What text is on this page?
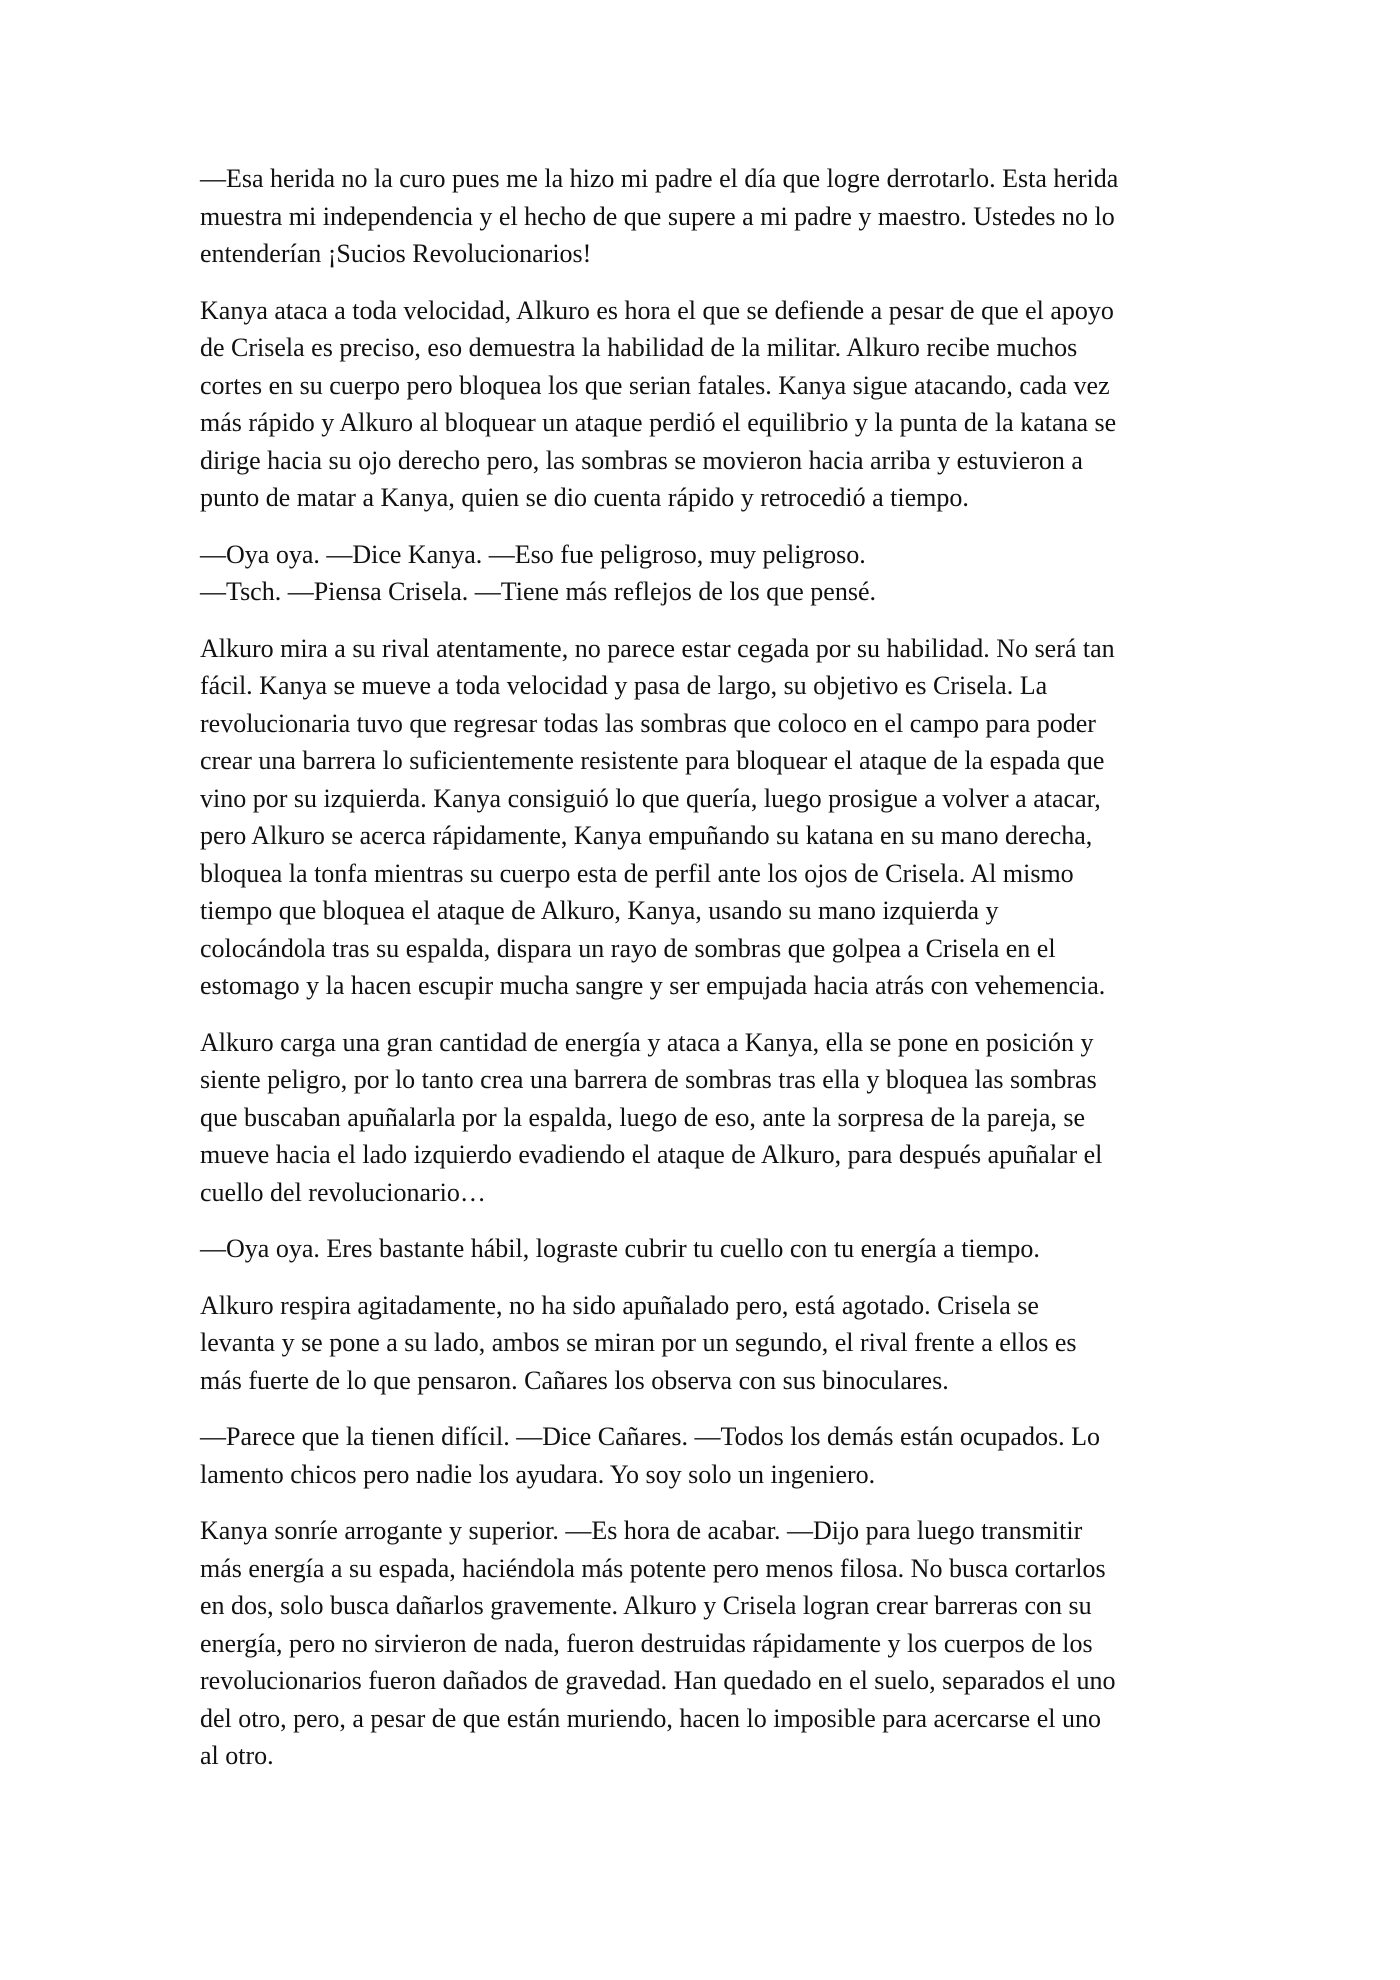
—Esa herida no la curo pues me la hizo mi padre el día que logre derrotarlo. Esta herida
muestra mi independencia y el hecho de que supere a mi padre y maestro. Ustedes no lo
entenderían ¡Sucios Revolucionarios!

Kanya ataca a toda velocidad, Alkuro es hora el que se defiende a pesar de que el apoyo
de Crisela es preciso, eso demuestra la habilidad de la militar. Alkuro recibe muchos
cortes en su cuerpo pero bloquea los que serian fatales. Kanya sigue atacando, cada vez
más rápido y Alkuro al bloquear un ataque perdió el equilibrio y la punta de la katana se
dirige hacia su ojo derecho pero, las sombras se movieron hacia arriba y estuvieron a
punto de matar a Kanya, quien se dio cuenta rápido y retrocedió a tiempo.

—Oya oya. —Dice Kanya. —Eso fue peligroso, muy peligroso.
—Tsch. —Piensa Crisela. —Tiene más reflejos de los que pensé.

Alkuro mira a su rival atentamente, no parece estar cegada por su habilidad. No será tan
fácil. Kanya se mueve a toda velocidad y pasa de largo, su objetivo es Crisela. La
revolucionaria tuvo que regresar todas las sombras que coloco en el campo para poder
crear una barrera lo suficientemente resistente para bloquear el ataque de la espada que
vino por su izquierda. Kanya consiguió lo que quería, luego prosigue a volver a atacar,
pero Alkuro se acerca rápidamente, Kanya empuñando su katana en su mano derecha,
bloquea la tonfa mientras su cuerpo esta de perfil ante los ojos de Crisela. Al mismo
tiempo que bloquea el ataque de Alkuro, Kanya, usando su mano izquierda y
colocándola tras su espalda, dispara un rayo de sombras que golpea a Crisela en el
estomago y la hacen escupir mucha sangre y ser empujada hacia atrás con vehemencia.

Alkuro carga una gran cantidad de energía y ataca a Kanya, ella se pone en posición y
siente peligro, por lo tanto crea una barrera de sombras tras ella y bloquea las sombras
que buscaban apuñalarla por la espalda, luego de eso, ante la sorpresa de la pareja, se
mueve hacia el lado izquierdo evadiendo el ataque de Alkuro, para después apuñalar el
cuello del revolucionario…

—Oya oya. Eres bastante hábil, lograste cubrir tu cuello con tu energía a tiempo.

Alkuro respira agitadamente, no ha sido apuñalado pero, está agotado. Crisela se
levanta y se pone a su lado, ambos se miran por un segundo, el rival frente a ellos es
más fuerte de lo que pensaron. Cañares los observa con sus binoculares.

—Parece que la tienen difícil. —Dice Cañares. —Todos los demás están ocupados. Lo
lamento chicos pero nadie los ayudara. Yo soy solo un ingeniero.

Kanya sonríe arrogante y superior. —Es hora de acabar. —Dijo para luego transmitir
más energía a su espada, haciéndola más potente pero menos filosa. No busca cortarlos
en dos, solo busca dañarlos gravemente. Alkuro y Crisela logran crear barreras con su
energía, pero no sirvieron de nada, fueron destruidas rápidamente y los cuerpos de los
revolucionarios fueron dañados de gravedad. Han quedado en el suelo, separados el uno
del otro, pero, a pesar de que están muriendo, hacen lo imposible para acercarse el uno
al otro.
